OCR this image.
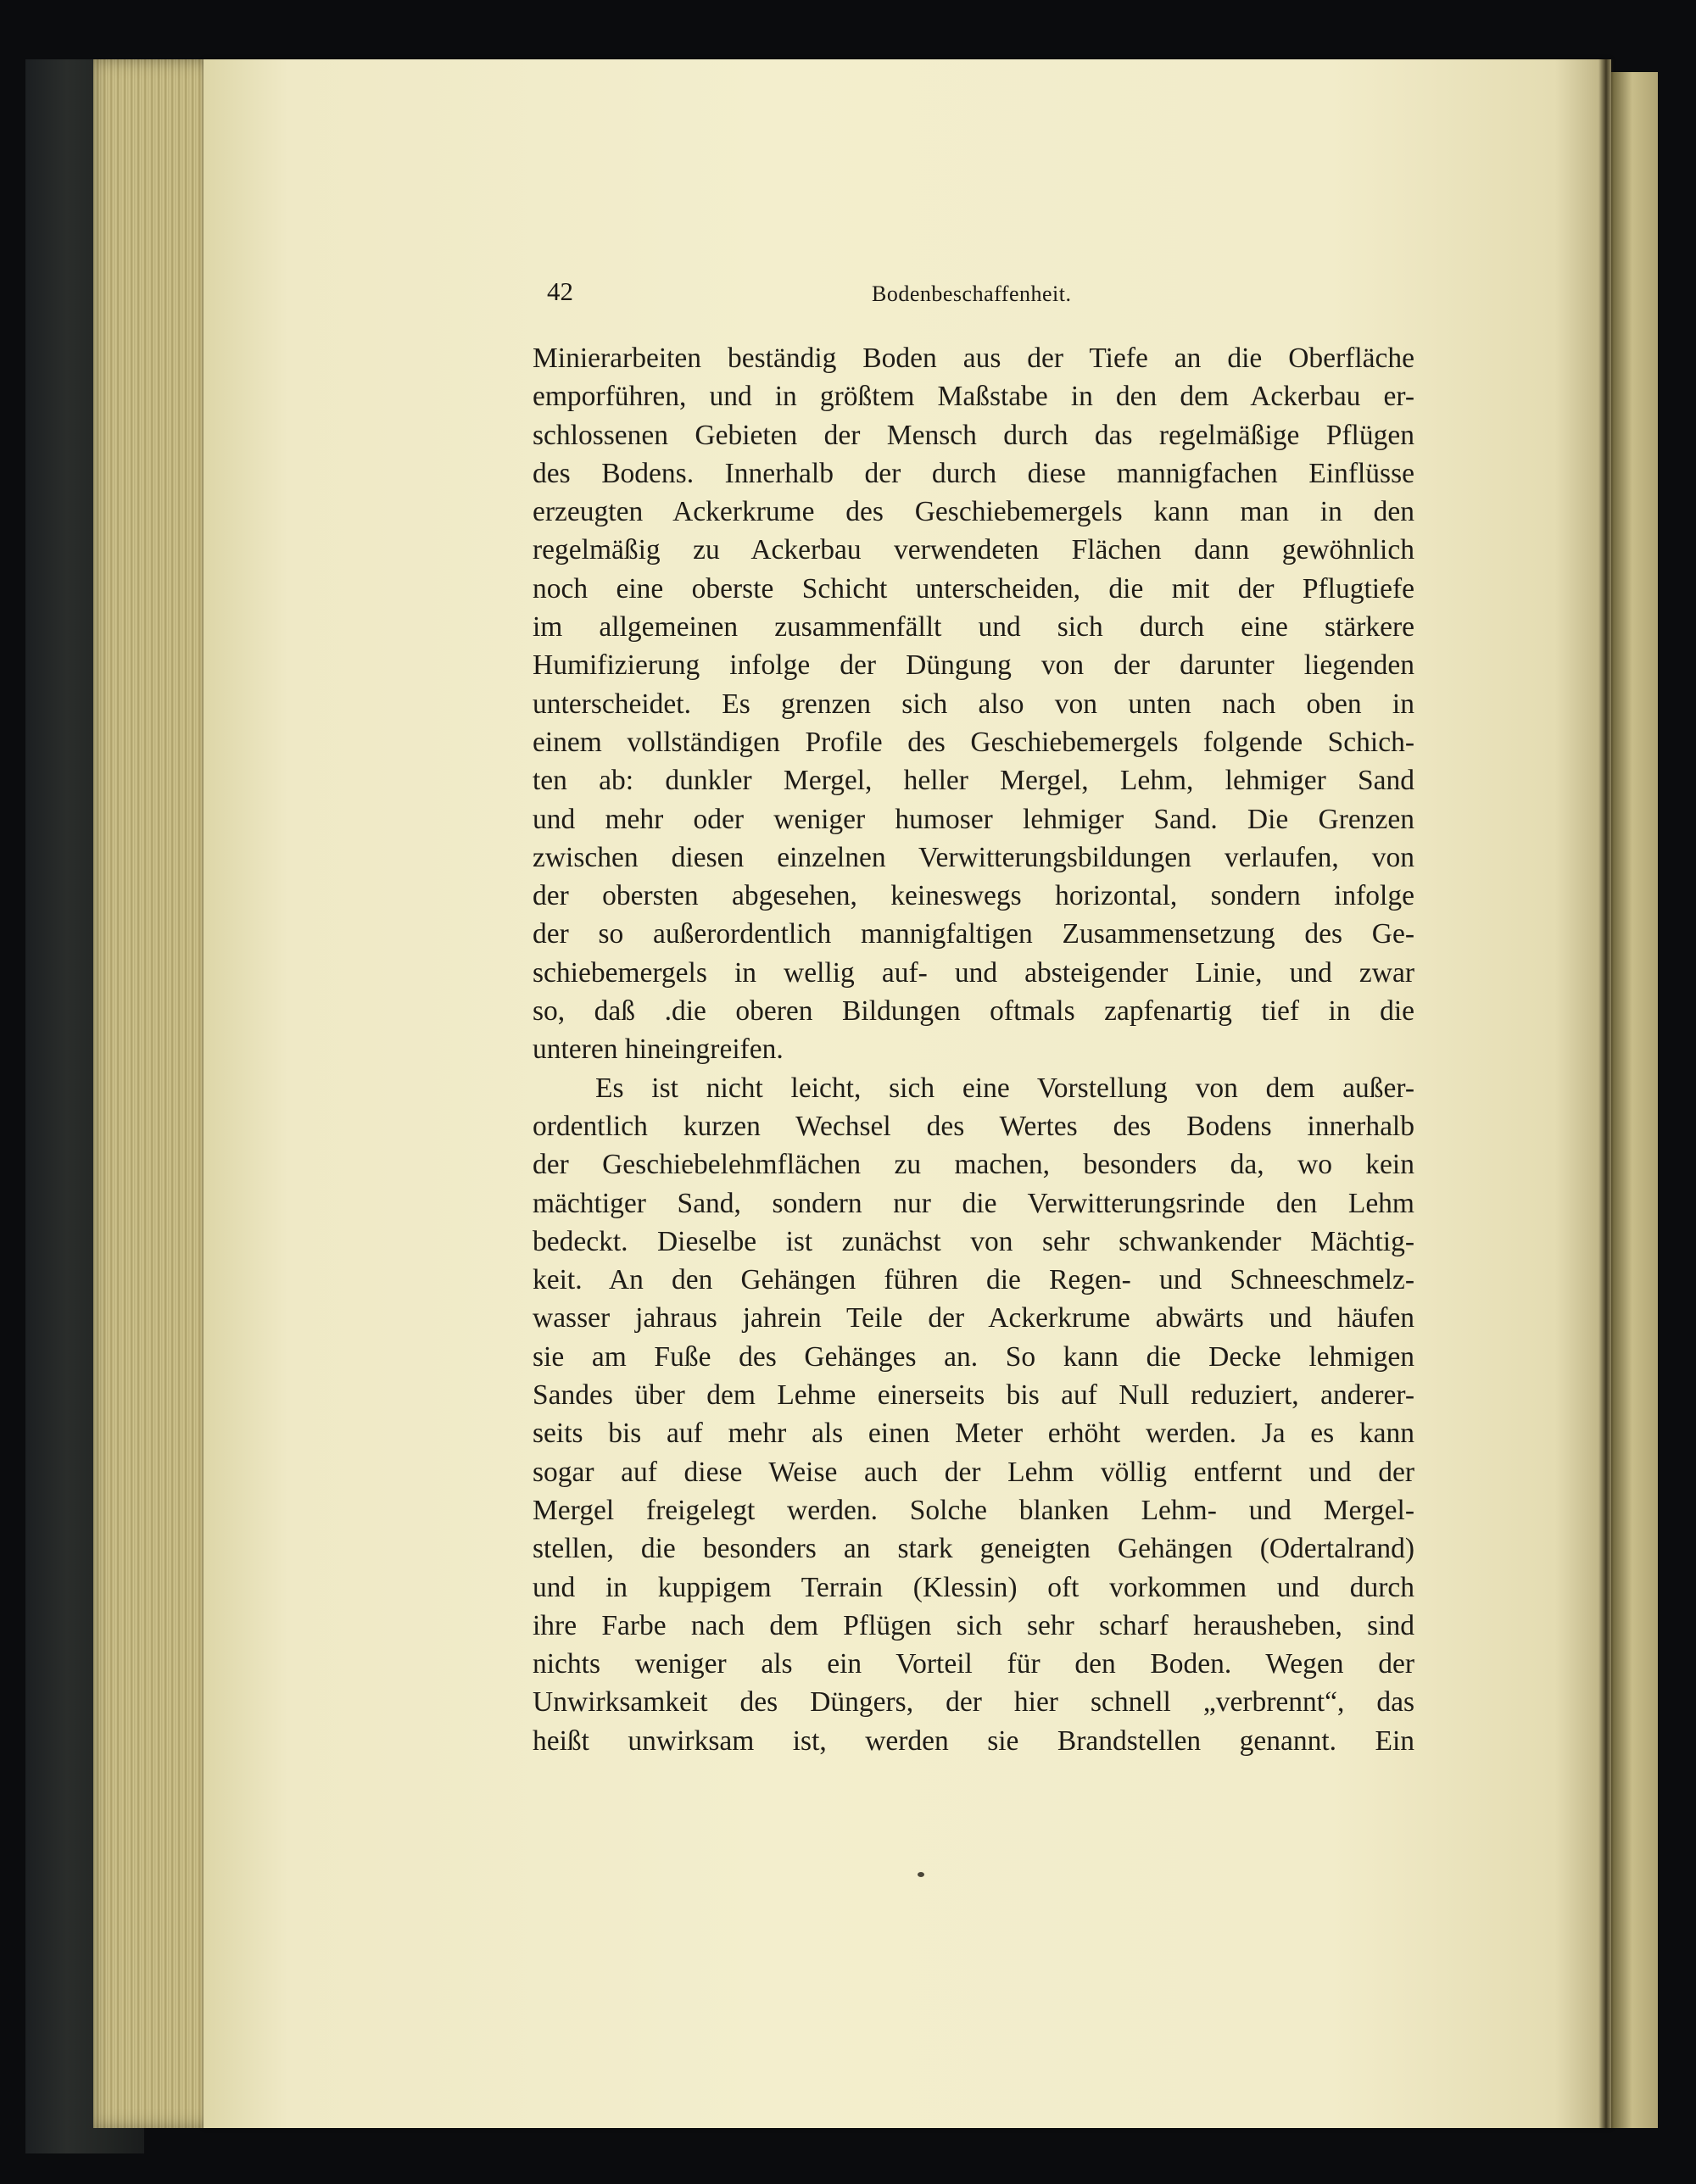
42	Bodenbeschaffenheit.
Minierarbeiten beständig Boden aus der Tiefe an die Oberfläche
emporführen, und in größtem Maßstabe in den dem Ackerbau er-
schlossenen Gebieten der Mensch durch das regelmäßige Pflügen
des Bodens. Innerhalb der durch diese mannigfachen Einflüsse
erzeugten Ackerkrume des Geschiebemergels kann man in den
regelmäßig zu Ackerbau verwendeten Flächen dann gewöhnlich
noch eine oberste Schicht unterscheiden, die mit der Pflugtiefe
im allgemeinen zusammenfällt und sich durch eine stärkere
Humifizierung infolge der Düngung von der darunter liegenden
unterscheidet. Es grenzen sich also von unten nach oben in
einem vollständigen Profile des Geschiebemergels folgende Schich-
ten ab: dunkler Mergel, heller Mergel, Lehm, lehmiger Sand
und mehr oder weniger humoser lehmiger Sand. Die Grenzen
zwischen diesen einzelnen Verwitterungsbildungen verlaufen, von
der obersten abgesehen, keineswegs horizontal, sondern infolge
der so außerordentlich mannigfaltigen Zusammensetzung des Ge-
schiebemergels in wellig auf- und absteigender Linie, und zwar
so, daß .die oberen Bildungen oftmals zapfenartig tief in die
unteren hineingreifen.
Es ist nicht leicht, sich eine Vorstellung von dem außer-
ordentlich kurzen Wechsel des Wertes des Bodens innerhalb
der Geschiebelehmflächen zu machen, besonders da, wo kein
mächtiger Sand, sondern nur die Verwitterungsrinde den Lehm
bedeckt. Dieselbe ist zunächst von sehr schwankender Mächtig-
keit. An den Gehängen führen die Regen- und Schneeschmelz-
wasser jahraus jahrein Teile der Ackerkrume abwärts und häufen
sie am Fuße des Gehänges an. So kann die Decke lehmigen
Sandes über dem Lehme einerseits bis auf Null reduziert, anderer-
seits bis auf mehr als einen Meter erhöht werden. Ja es kann
sogar auf diese Weise auch der Lehm völlig entfernt und der
Mergel freigelegt werden. Solche blanken Lehm- und Mergel-
stellen, die besonders an stark geneigten Gehängen (Odertalrand)
und in kuppigem Terrain (Klessin) oft vorkommen und durch
ihre Farbe nach dem Pflügen sich sehr scharf herausheben, sind
nichts weniger als ein Vorteil für den Boden. Wegen der
Unwirksamkeit des Düngers, der hier schnell „verbrennt“, das
heißt unwirksam ist, werden sie Brandstellen genannt. Ein
